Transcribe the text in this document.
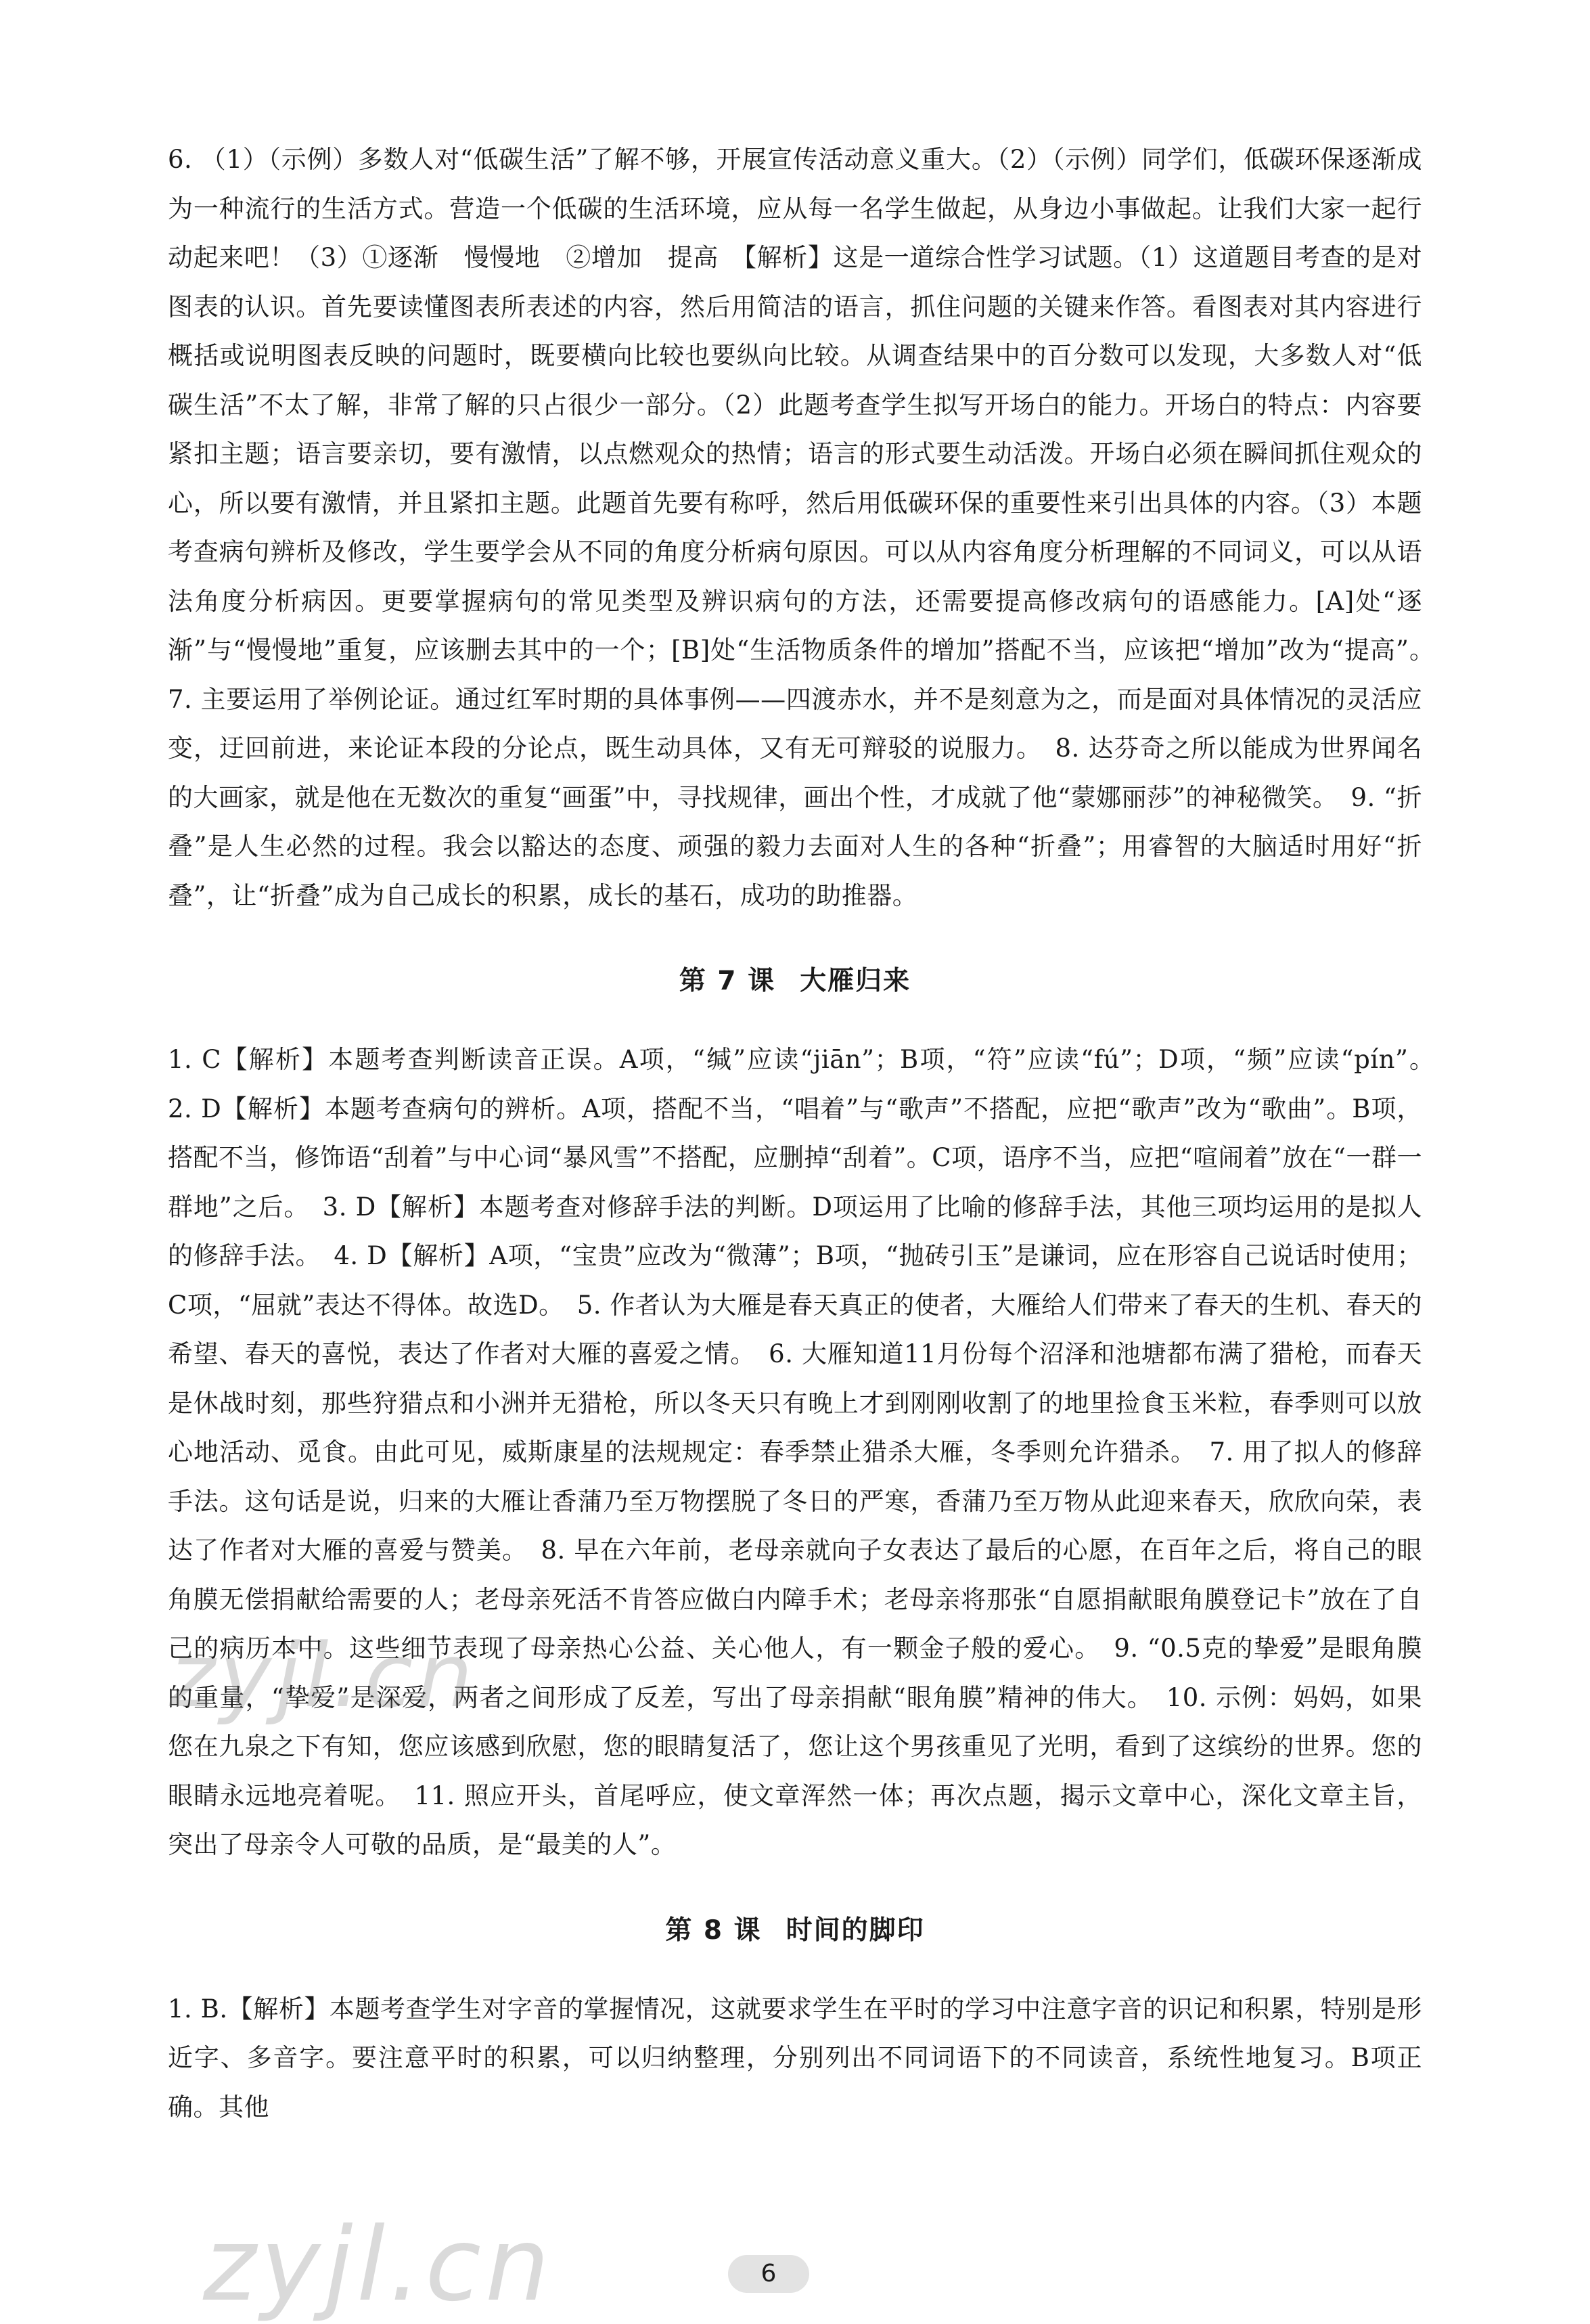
6. （1）（示例）多数人对“低碳生活”了解不够，开展宣传活动意义重大。（2）（示例）同学们，低碳环保逐渐成为一种流行的生活方式。营造一个低碳的生活环境，应从每一名学生做起，从身边小事做起。让我们大家一起行动起来吧！（3）①逐渐　慢慢地　②增加　提高　【解析】这是一道综合性学习试题。（1）这道题目考查的是对图表的认识。首先要读懂图表所表述的内容，然后用简洁的语言，抓住问题的关键来作答。看图表对其内容进行概括或说明图表反映的问题时，既要横向比较也要纵向比较。从调查结果中的百分数可以发现，大多数人对“低碳生活”不太了解，非常了解的只占很少一部分。（2）此题考查学生拟写开场白的能力。开场白的特点：内容要紧扣主题；语言要亲切，要有激情，以点燃观众的热情；语言的形式要生动活泼。开场白必须在瞬间抓住观众的心，所以要有激情，并且紧扣主题。此题首先要有称呼，然后用低碳环保的重要性来引出具体的内容。（3）本题考查病句辨析及修改，学生要学会从不同的角度分析病句原因。可以从内容角度分析理解的不同词义，可以从语法角度分析病因。更要掌握病句的常见类型及辨识病句的方法，还需要提高修改病句的语感能力。[A]处“逐渐”与“慢慢地”重复，应该删去其中的一个；[B]处“生活物质条件的增加”搭配不当，应该把“增加”改为“提高”。　7. 主要运用了举例论证。通过红军时期的具体事例——四渡赤水，并不是刻意为之，而是面对具体情况的灵活应变，迂回前进，来论证本段的分论点，既生动具体，又有无可辩驳的说服力。　8. 达芬奇之所以能成为世界闻名的大画家，就是他在无数次的重复“画蛋”中，寻找规律，画出个性，才成就了他“蒙娜丽莎”的神秘微笑。　9. “折叠”是人生必然的过程。我会以豁达的态度、顽强的毅力去面对人生的各种“折叠”；用睿智的大脑适时用好“折叠”，让“折叠”成为自己成长的积累，成长的基石，成功的助推器。

第 7 课 大雁归来

1. C【解析】本题考查判断读音正误。A项，“缄”应读“jiān”；B项，“符”应读“fú”；D项，“频”应读“pín”。　2. D【解析】本题考查病句的辨析。A项，搭配不当，“唱着”与“歌声”不搭配，应把“歌声”改为“歌曲”。B项，搭配不当，修饰语“刮着”与中心词“暴风雪”不搭配，应删掉“刮着”。C项，语序不当，应把“喧闹着”放在“一群一群地”之后。　3. D【解析】本题考查对修辞手法的判断。D项运用了比喻的修辞手法，其他三项均运用的是拟人的修辞手法。　4. D【解析】A项，“宝贵”应改为“微薄”；B项，“抛砖引玉”是谦词，应在形容自己说话时使用；C项，“屈就”表达不得体。故选D。　5. 作者认为大雁是春天真正的使者，大雁给人们带来了春天的生机、春天的希望、春天的喜悦，表达了作者对大雁的喜爱之情。　6. 大雁知道11月份每个沼泽和池塘都布满了猎枪，而春天是休战时刻，那些狩猎点和小洲并无猎枪，所以冬天只有晚上才到刚刚收割了的地里捡食玉米粒，春季则可以放心地活动、觅食。由此可见，威斯康星的法规规定：春季禁止猎杀大雁，冬季则允许猎杀。　7. 用了拟人的修辞手法。这句话是说，归来的大雁让香蒲乃至万物摆脱了冬日的严寒，香蒲乃至万物从此迎来春天，欣欣向荣，表达了作者对大雁的喜爱与赞美。　8. 早在六年前，老母亲就向子女表达了最后的心愿，在百年之后，将自己的眼角膜无偿捐献给需要的人；老母亲死活不肯答应做白内障手术；老母亲将那张“自愿捐献眼角膜登记卡”放在了自己的病历本中。这些细节表现了母亲热心公益、关心他人，有一颗金子般的爱心。　9. “0.5克的挚爱”是眼角膜的重量，“挚爱”是深爱，两者之间形成了反差，写出了母亲捐献“眼角膜”精神的伟大。　10. 示例：妈妈，如果您在九泉之下有知，您应该感到欣慰，您的眼睛复活了，您让这个男孩重见了光明，看到了这缤纷的世界。您的眼睛永远地亮着呢。　11. 照应开头，首尾呼应，使文章浑然一体；再次点题，揭示文章中心，深化文章主旨，突出了母亲令人可敬的品质，是“最美的人”。

第 8 课 时间的脚印

1. B.【解析】本题考查学生对字音的掌握情况，这就要求学生在平时的学习中注意字音的识记和积累，特别是形近字、多音字。要注意平时的积累，可以归纳整理，分别列出不同词语下的不同读音，系统性地复习。B项正确。其他

zyjl.cn
zyjl.cn	6
